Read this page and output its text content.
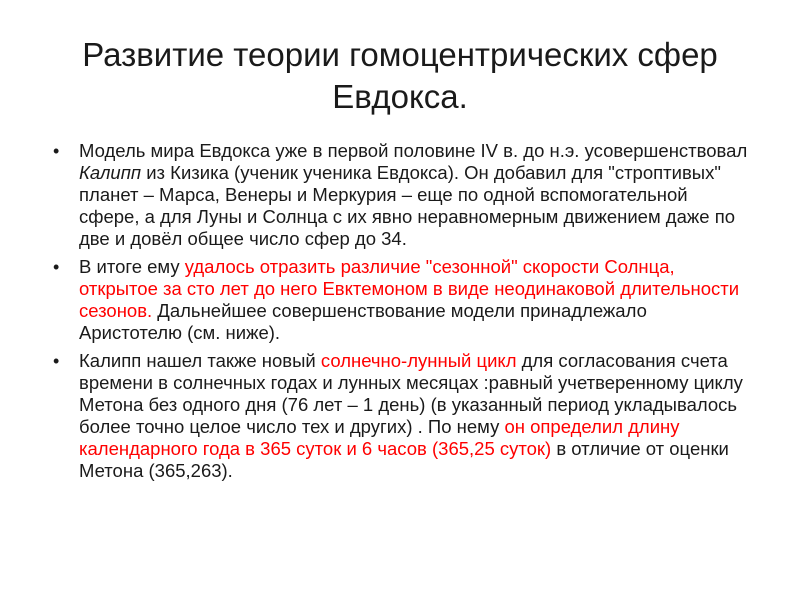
Развитие теории гомоцентрических сфер Евдокса.
• Модель мира Евдокса уже в первой половине IV в. до н.э. усовершенствовал Калипп из Кизика (ученик ученика Евдокса). Он добавил для "строптивых" планет – Марса, Венеры и Меркурия – еще по одной вспомогательной сфере, а для Луны и Солнца с их явно неравномерным движением даже по две и довёл общее число сфер до 34.
• В итоге ему удалось отразить различие "сезонной" скорости Солнца, открытое за сто лет до него Евктемоном в виде неодинаковой длительности сезонов. Дальнейшее совершенствование модели принадлежало Аристотелю (см. ниже).
• Калипп нашел также новый солнечно-лунный цикл для согласования счета времени в солнечных годах и лунных месяцах :равный учетверенному циклу Метона без одного дня (76 лет – 1 день) (в указанный период укладывалось более точно целое число тех и других) . По нему он определил длину календарного года в 365 суток и 6 часов (365,25 суток) в отличие от оценки Метона (365,263).
